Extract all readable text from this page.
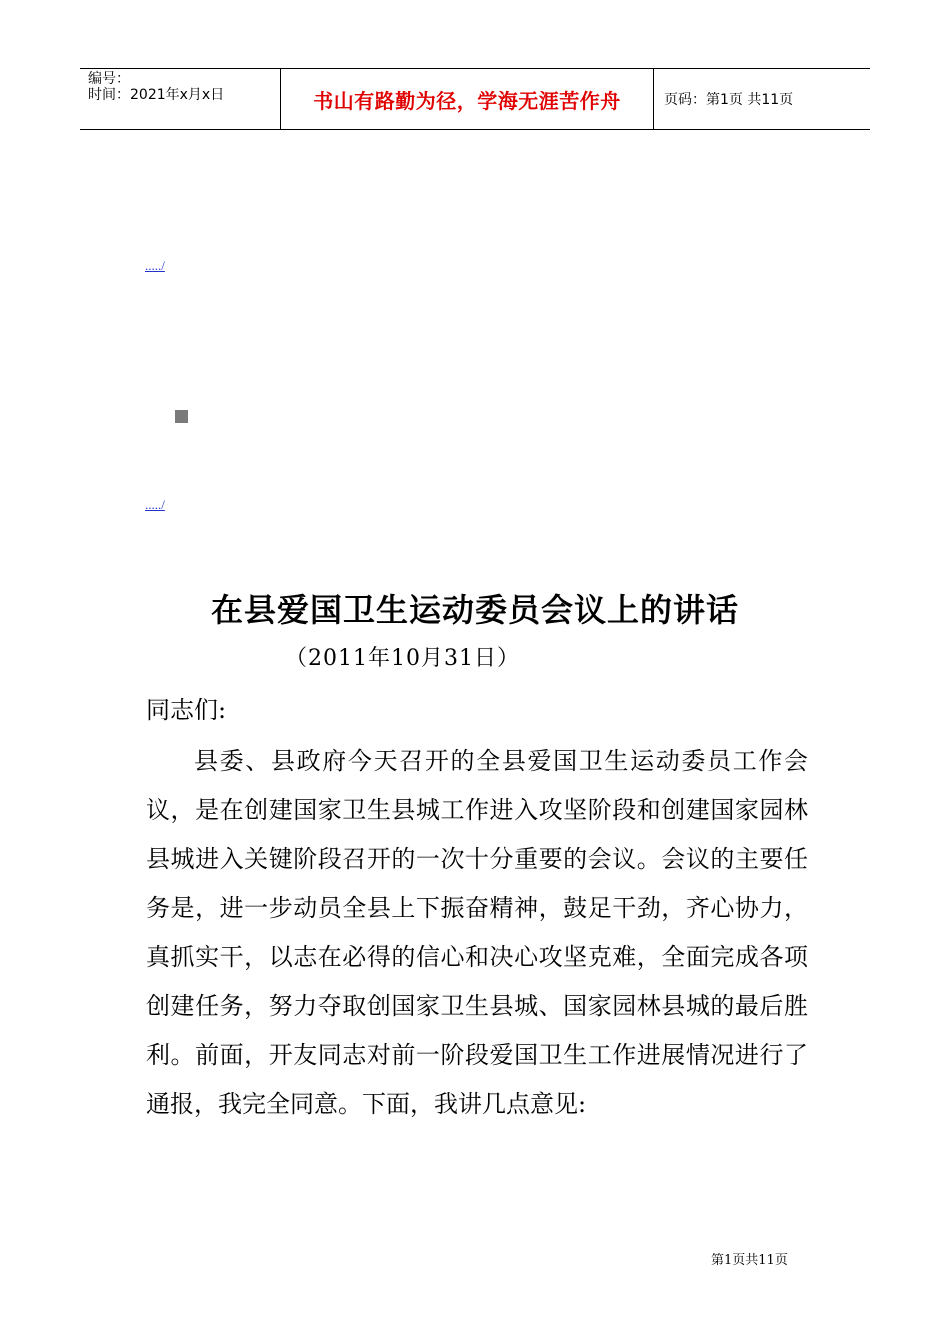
编号：
时间：2021年x月x日	书山有路勤为径，学海无涯苦作舟	页码：第1页 共11页
...../
...../
在县爱国卫生运动委员会议上的讲话
（2011年10月31日）
同志们:

县委、县政府今天召开的全县爱国卫生运动委员工作会议，是在创建国家卫生县城工作进入攻坚阶段和创建国家园林县城进入关键阶段召开的一次十分重要的会议。会议的主要任务是，进一步动员全县上下振奋精神，鼓足干劲，齐心协力，真抓实干，以志在必得的信心和决心攻坚克难，全面完成各项创建任务，努力夺取创国家卫生县城、国家园林县城的最后胜利。前面，开友同志对前一阶段爱国卫生工作进展情况进行了通报，我完全同意。下面，我讲几点意见:

第1页共11页
